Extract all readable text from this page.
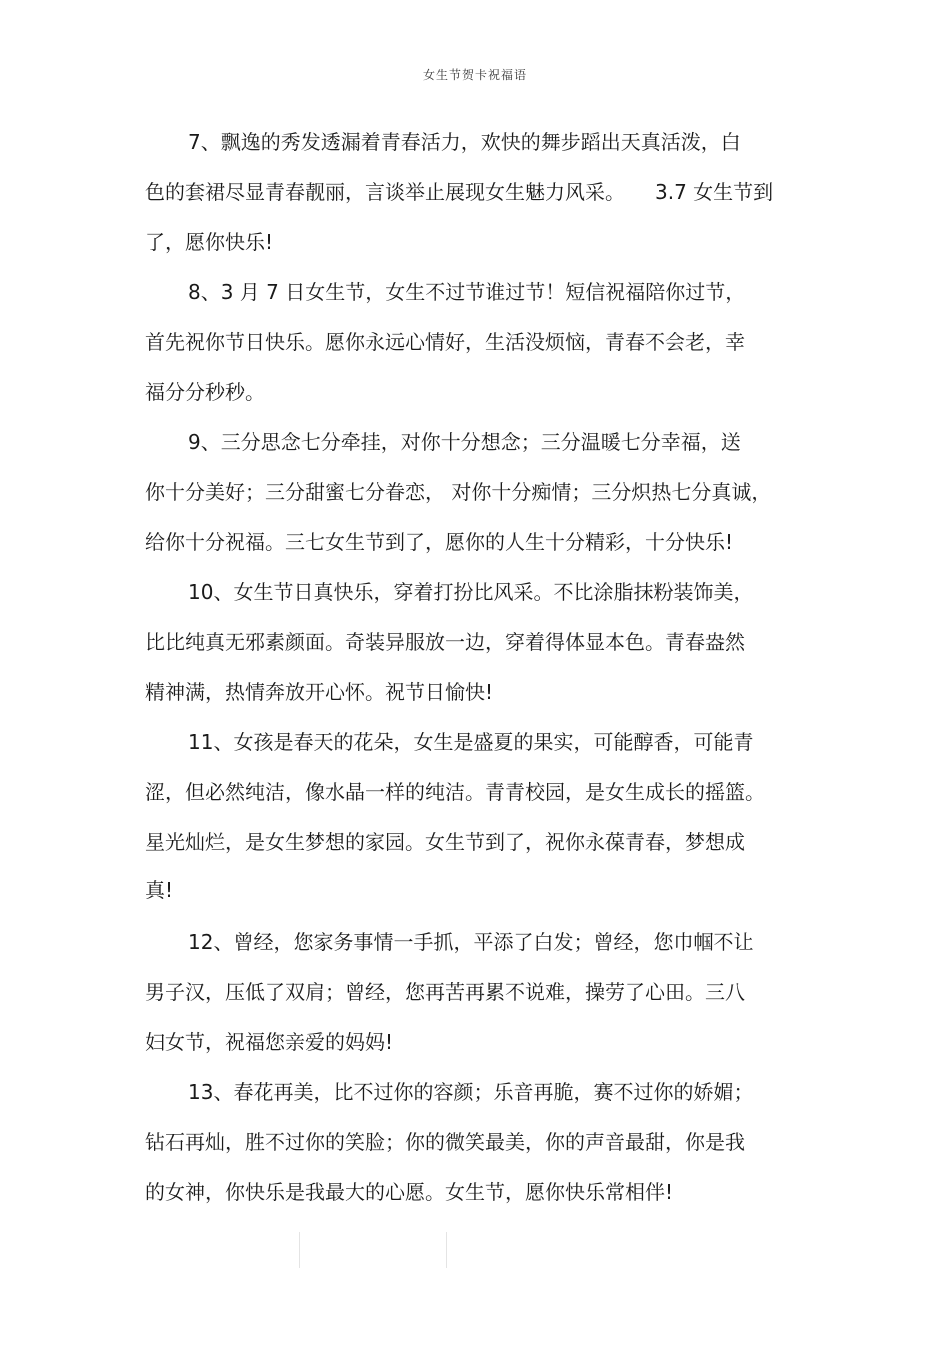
女生节贺卡祝福语
7、飘逸的秀发透漏着青春活力，欢快的舞步蹈出天真活泼，白
色的套裙尽显青春靓丽，言谈举止展现女生魅力风采。　　3.7 女生节到
了，愿你快乐!
8、3 月 7 日女生节，女生不过节谁过节！短信祝福陪你过节，
首先祝你节日快乐。愿你永远心情好，生活没烦恼，青春不会老，幸
福分分秒秒。
9、三分思念七分牵挂，对你十分想念；三分温暖七分幸福，送
你十分美好；三分甜蜜七分眷恋， 对你十分痴情；三分炽热七分真诚，
给你十分祝福。三七女生节到了，愿你的人生十分精彩，十分快乐!
10、女生节日真快乐，穿着打扮比风采。不比涂脂抹粉装饰美，
比比纯真无邪素颜面。奇装异服放一边，穿着得体显本色。青春盎然
精神满，热情奔放开心怀。祝节日愉快!
11、女孩是春天的花朵，女生是盛夏的果实，可能醇香，可能青
涩，但必然纯洁，像水晶一样的纯洁。青青校园，是女生成长的摇篮。
星光灿烂，是女生梦想的家园。女生节到了，祝你永葆青春，梦想成
真!
12、曾经，您家务事情一手抓，平添了白发；曾经，您巾帼不让
男子汉，压低了双肩；曾经，您再苦再累不说难，操劳了心田。三八
妇女节，祝福您亲爱的妈妈!
13、春花再美，比不过你的容颜；乐音再脆，赛不过你的娇媚；
钻石再灿，胜不过你的笑脸；你的微笑最美，你的声音最甜，你是我
的女神，你快乐是我最大的心愿。女生节，愿你快乐常相伴!
